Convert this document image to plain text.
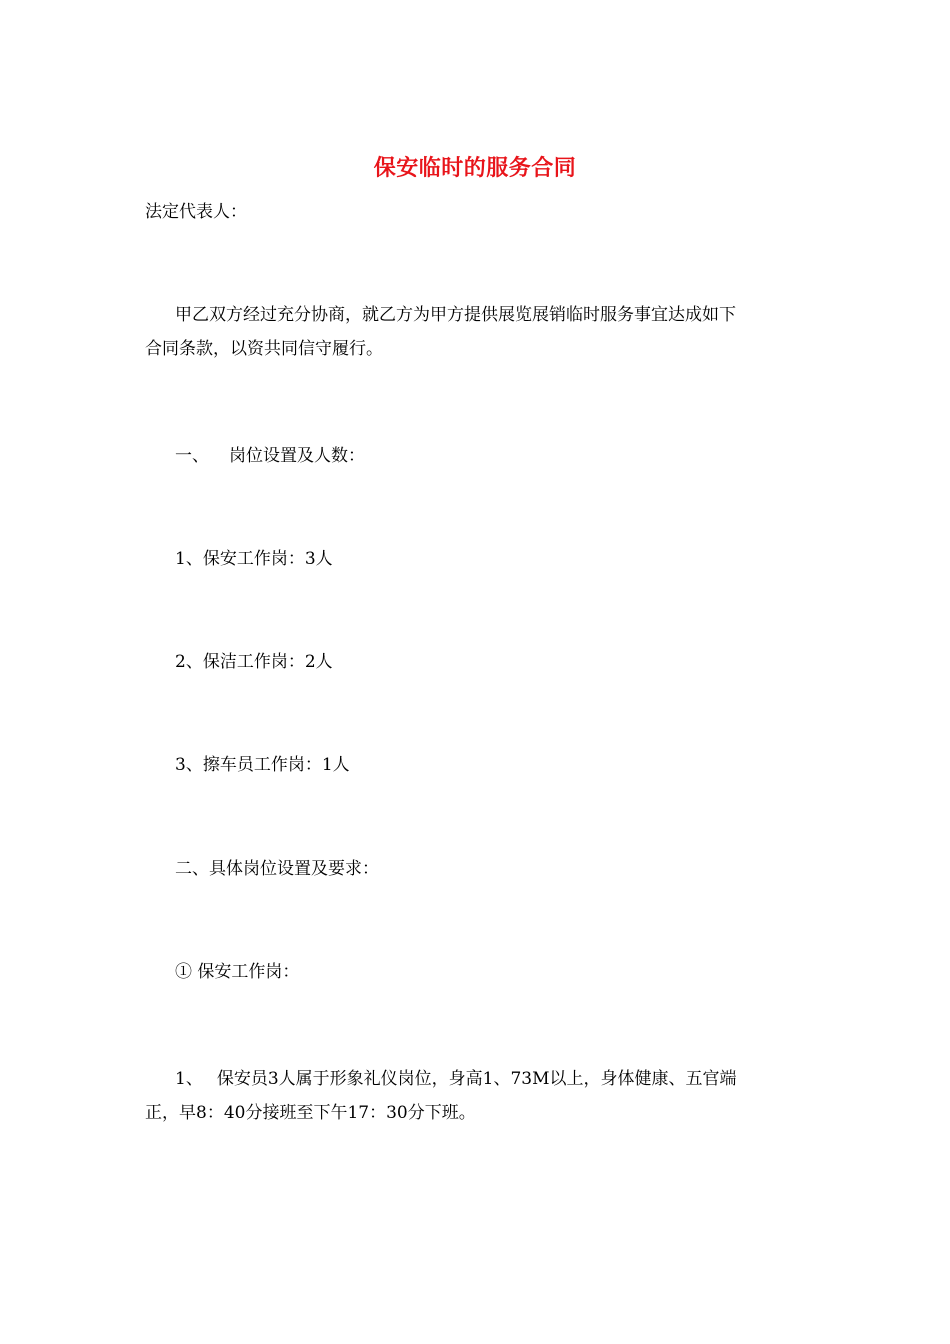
保安临时的服务合同
法定代表人：
甲乙双方经过充分协商，就乙方为甲方提供展览展销临时服务事宜达成如下
合同条款，以资共同信守履行。
一、 岗位设置及人数：
1、保安工作岗：3人
2、保洁工作岗：2人
3、擦车员工作岗：1人
二、具体岗位设置及要求：
① 保安工作岗：
1、 保安员3人属于形象礼仪岗位，身高1、73M以上，身体健康、五官端
正，早8：40分接班至下午17：30分下班。
